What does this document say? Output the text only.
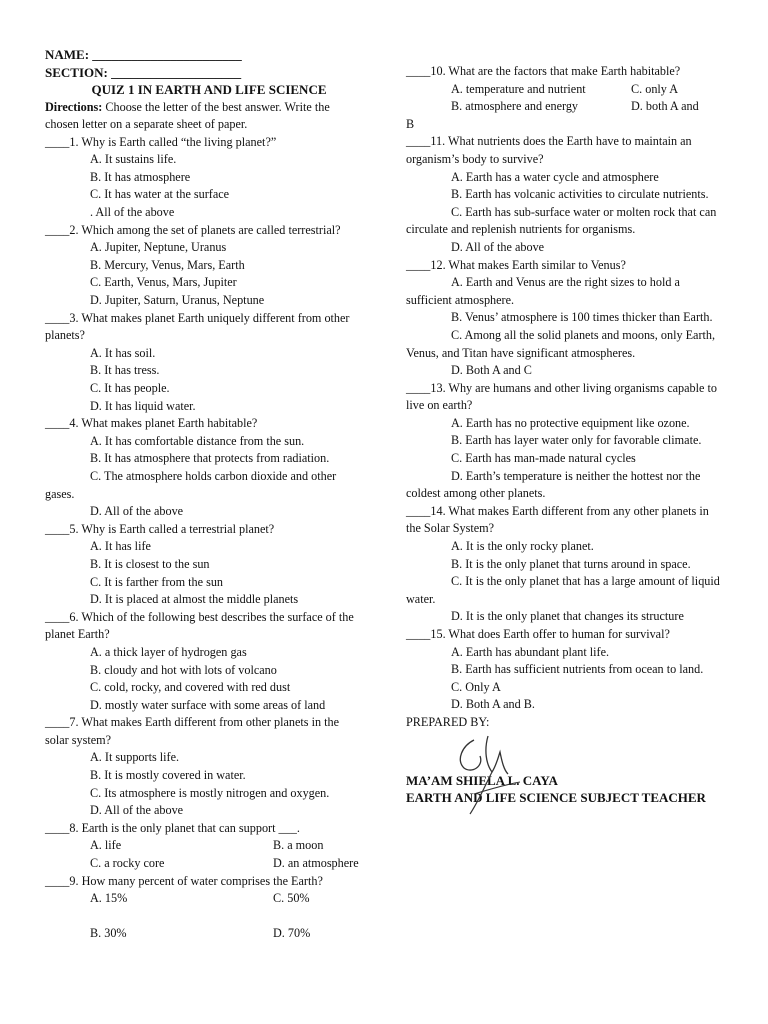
NAME: _______________________
SECTION: ____________________
QUIZ 1 IN EARTH AND LIFE SCIENCE
Directions: Choose the letter of the best answer. Write the chosen letter on a separate sheet of paper.

____1. Why is Earth called “the living planet?”

A. It sustains life.

B. It has atmosphere

C. It has water at the surface

. All of the above

____2. Which among the set of planets are called terrestrial?

A. Jupiter, Neptune, Uranus

B. Mercury, Venus, Mars, Earth

C. Earth, Venus, Mars, Jupiter

D. Jupiter, Saturn, Uranus, Neptune

____3. What makes planet Earth uniquely different from other planets?

A. It has soil.

B. It has tress.

C. It has people.

D. It has liquid water.

____4. What makes planet Earth habitable?

A. It has comfortable distance from the sun.

B. It has atmosphere that protects from radiation.

C. The atmosphere holds carbon dioxide and other gases.

D. All of the above

____5. Why is Earth called a terrestrial planet?

A. It has life

B. It is closest to the sun

C. It is farther from the sun

D. It is placed at almost the middle planets

____6. Which of the following best describes the surface of the planet Earth?

A. a thick layer of hydrogen gas

B. cloudy and hot with lots of volcano

C. cold, rocky, and covered with red dust

D. mostly water surface with some areas of land

____7. What makes Earth different from other planets in the solar system?

A. It supports life.

B. It is mostly covered in water.

C. Its atmosphere is mostly nitrogen and oxygen.

D. All of the above

____8. Earth is the only planet that can support ___.

A. life	B. a moon
C. a rocky core	D. an atmosphere

____9. How many percent of water comprises the Earth?

A. 15%	C. 50%
B. 30%	D. 70%

____10. What are the factors that make Earth habitable?

A. temperature and nutrient	C. only A
B. atmosphere and energy	D. both A and

B

____11. What nutrients does the Earth have to maintain an organism’s body to survive?

A. Earth has a water cycle and atmosphere

B. Earth has volcanic activities to circulate nutrients.

C. Earth has sub-surface water or molten rock that can circulate and replenish nutrients for organisms.

D. All of the above

____12. What makes Earth similar to Venus?

A. Earth and Venus are the right sizes to hold a sufficient atmosphere.

B. Venus’ atmosphere is 100 times thicker than Earth.

C. Among all the solid planets and moons, only Earth, Venus, and Titan have significant atmospheres.

D. Both A and C

____13. Why are humans and other living organisms capable to live on earth?

A. Earth has no protective equipment like ozone.

B. Earth has layer water only for favorable climate.

C. Earth has man-made natural cycles

D. Earth’s temperature is neither the hottest nor the coldest among other planets.

____14. What makes Earth different from any other planets in the Solar System?

A. It is the only rocky planet.

B. It is the only planet that turns around in space.

C. It is the only planet that has a large amount of liquid water.

D. It is the only planet that changes its structure

____15. What does Earth offer to human for survival?

A. Earth has abundant plant life.

B. Earth has sufficient nutrients from ocean to land.

C. Only A

D. Both A and B.

PREPARED BY:

MA’AM SHIELA L. CAYA
EARTH AND LIFE SCIENCE SUBJECT TEACHER
